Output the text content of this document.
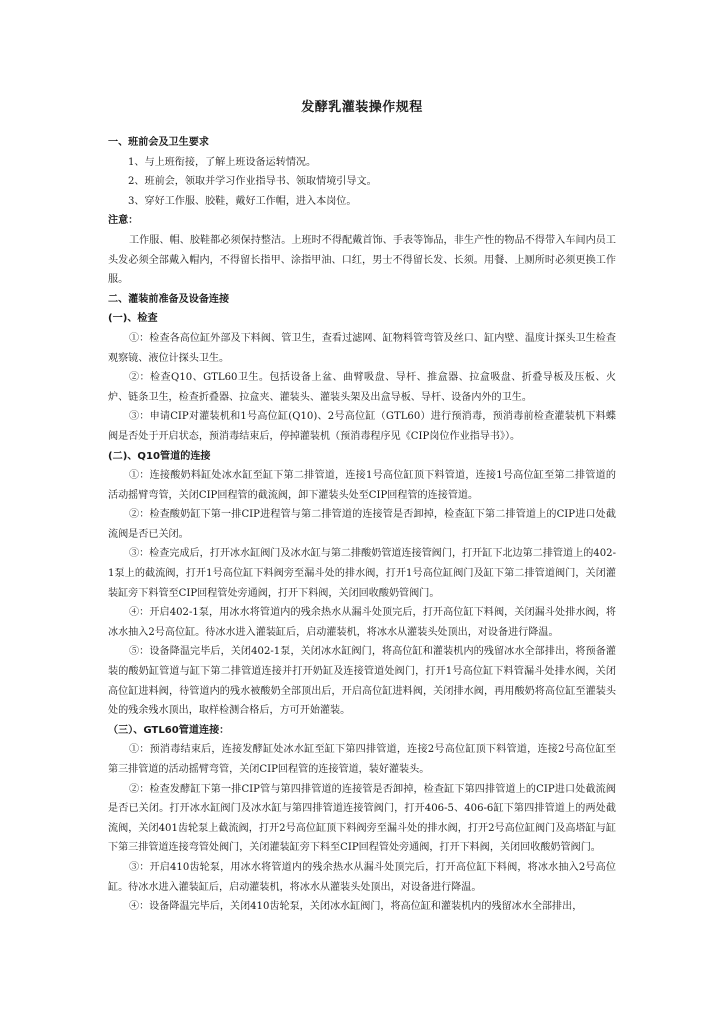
发酵乳灌装操作规程

一、班前会及卫生要求

1、与上班衔接，了解上班设备运转情况。

2、班前会，领取并学习作业指导书、领取情境引导文。

3、穿好工作服、胶鞋，戴好工作帽，进入本岗位。

注意：

工作服、帽、胶鞋都必须保持整洁。上班时不得配戴首饰、手表等饰品，非生产性的物品不得带入车间内员工头发必须全部戴入帽内，不得留长指甲、涂指甲油、口红，男士不得留长发、长须。用餐、上厕所时必须更换工作服。

二、灌装前准备及设备连接

(一)、检查

①：检查各高位缸外部及下料阀、管卫生，查看过滤网、缸物料管弯管及丝口、缸内壁、温度计探头卫生检查观察镜、液位计探头卫生。

②：检查Q10、GTL60卫生。包括设备上盆、曲臂吸盘、导杆、推盒器、拉盒吸盘、折叠导板及压板、火炉、链条卫生，检查折叠器、拉盒夹、灌装头、灌装头架及出盒导板、导杆、设备内外的卫生。

③：申请CIP对灌装机和1号高位缸(Q10)、2号高位缸（GTL60）进行预消毒，预消毒前检查灌装机下料蝶阀是否处于开启状态，预消毒结束后，停掉灌装机（预消毒程序见《CIP岗位作业指导书》）。

(二)、Q10管道的连接

①：连接酸奶料缸处冰水缸至缸下第二排管道，连接1号高位缸顶下料管道，连接1号高位缸至第二排管道的活动摇臂弯管，关闭CIP回程管的截流阀，卸下灌装头处至CIP回程管的连接管道。

②：检查酸奶缸下第一排CIP进程管与第二排管道的连接管是否卸掉，检查缸下第二排管道上的CIP进口处截流阀是否已关闭。

③：检查完成后，打开冰水缸阀门及冰水缸与第二排酸奶管道连接管阀门，打开缸下北边第二排管道上的402-1泵上的截流阀，打开1号高位缸下料阀旁至漏斗处的排水阀，打开1号高位缸阀门及缸下第二排管道阀门，关闭灌装缸旁下料管至CIP回程管处旁通阀，打开下料阀，关闭回收酸奶管阀门。

④：开启402-1泵，用冰水将管道内的残余热水从漏斗处顶完后，打开高位缸下料阀，关闭漏斗处排水阀，将冰水抽入2号高位缸。待冰水进入灌装缸后，启动灌装机，将冰水从灌装头处顶出，对设备进行降温。

⑤：设备降温完毕后，关闭402-1泵，关闭冰水缸阀门，将高位缸和灌装机内的残留冰水全部排出，将预备灌装的酸奶缸管道与缸下第二排管道连接并打开奶缸及连接管道处阀门，打开1号高位缸下料管漏斗处排水阀，关闭高位缸进料阀，待管道内的残水被酸奶全部顶出后，开启高位缸进料阀，关闭排水阀，再用酸奶将高位缸至灌装头处的残余残水顶出，取样检测合格后，方可开始灌装。

（三）、GTL60管道连接：

①：预消毒结束后，连接发酵缸处冰水缸至缸下第四排管道，连接2号高位缸顶下料管道，连接2号高位缸至第三排管道的活动摇臂弯管，关闭CIP回程管的连接管道，装好灌装头。

②：检查发酵缸下第一排CIP管与第四排管道的连接管是否卸掉，检查缸下第四排管道上的CIP进口处截流阀是否已关闭。打开冰水缸阀门及冰水缸与第四排管道连接管阀门，打开406-5、406-6缸下第四排管道上的两处截流阀，关闭401齿轮泵上截流阀，打开2号高位缸顶下料阀旁至漏斗处的排水阀，打开2号高位缸阀门及高塔缸与缸下第三排管道连接弯管处阀门，关闭灌装缸旁下料至CIP回程管处旁通阀，打开下料阀，关闭回收酸奶管阀门。

③：开启410齿轮泵，用冰水将管道内的残余热水从漏斗处顶完后，打开高位缸下料阀，将冰水抽入2号高位缸。待冰水进入灌装缸后，启动灌装机，将冰水从灌装头处顶出，对设备进行降温。

④：设备降温完毕后，关闭410齿轮泵，关闭冰水缸阀门，将高位缸和灌装机内的残留冰水全部排出，
